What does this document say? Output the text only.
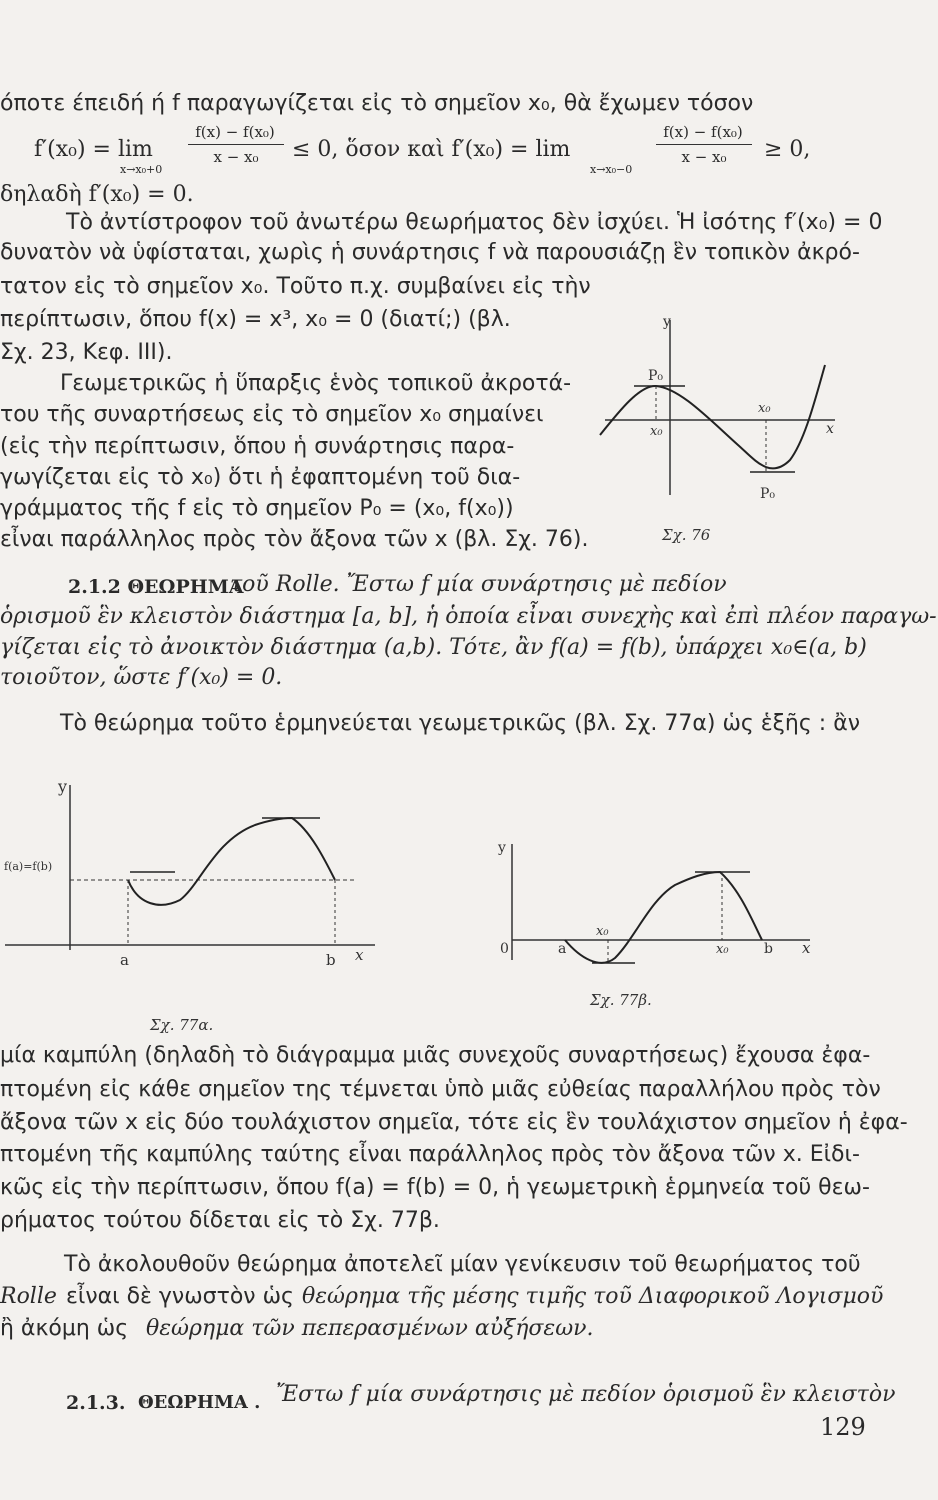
όποτε έπειδή ή f παραγωγίζεται εἰς τὸ σημεῖον x₀, θὰ ἔχωμεν τόσον
f′(x₀) = lim
f(x) − f(x₀)
x − x₀
x→x₀+0
≤ 0, ὅσον καὶ f′(x₀) = lim
f(x) − f(x₀)
x − x₀
x→x₀−0
≥ 0,
δηλαδὴ f′(x₀) = 0.
Τὸ ἀντίστροφον τοῦ ἀνωτέρω θεωρήματος δὲν ἰσχύει. Ἡ ἰσότης f′(x₀) = 0
δυνατὸν νὰ ὑφίσταται, χωρὶς ἡ συνάρτησις f νὰ παρουσιάζῃ ἓν τοπικὸν ἀκρό-
τατον εἰς τὸ σημεῖον x₀. Τοῦτο π.χ. συμβαίνει εἰς τὴν
περίπτωσιν, ὅπου f(x) = x³, x₀ = 0 (διατί;) (βλ.
Σχ. 23, Κεφ. III).
Γεωμετρικῶς ἡ ὕπαρξις ἑνὸς τοπικοῦ ἀκροτά-
του τῆς συναρτήσεως εἰς τὸ σημεῖον x₀ σημαίνει
(εἰς τὴν περίπτωσιν, ὅπου ἡ συνάρτησις παρα-
γωγίζεται εἰς τὸ x₀) ὅτι ἡ ἐφαπτομένη τοῦ δια-
γράμματος τῆς f εἰς τὸ σημεῖον P₀ = (x₀, f(x₀))
εἶναι παράλληλος πρὸς τὸν ἄξονα τῶν x (βλ. Σχ. 76).
y
x
P₀
P₀
x₀
x₀
Σχ. 76
2.1.2 ΘΕΩΡΗΜΑ
τοῦ Rolle. Ἔστω f μία συνάρτησις μὲ πεδίον
ὁρισμοῦ ἓν κλειστὸν διάστημα [a, b], ἡ ὁποία εἶναι συνεχὴς καὶ ἐπὶ πλέον παραγω-
γίζεται εἰς τὸ ἀνοικτὸν διάστημα (a,b). Τότε, ἂν f(a) = f(b), ὑπάρχει x₀∈(a, b)
τοιοῦτον, ὥστε f′(x₀) = 0.
Τὸ θεώρημα τοῦτο ἑρμηνεύεται γεωμετρικῶς (βλ. Σχ. 77α) ὡς ἑξῆς : ἂν
y
x
a	b
f(a)=f(b)
Σχ. 77α.
y
0	x
a	b
x₀
x₀
Σχ. 77β.
μία καμπύλη (δηλαδὴ τὸ διάγραμμα μιᾶς συνεχοῦς συναρτήσεως) ἔχουσα ἐφα-
πτομένη εἰς κάθε σημεῖον της τέμνεται ὑπὸ μιᾶς εὐθείας παραλλήλου πρὸς τὸν
ἄξονα τῶν x εἰς δύο τουλάχιστον σημεῖα, τότε εἰς ἓν τουλάχιστον σημεῖον ἡ ἐφα-
πτομένη τῆς καμπύλης ταύτης εἶναι παράλληλος πρὸς τὸν ἄξονα τῶν x. Εἰδι-
κῶς εἰς τὴν περίπτωσιν, ὅπου f(a) = f(b) = 0, ἡ γεωμετρικὴ ἑρμηνεία τοῦ θεω-
ρήματος τούτου δίδεται εἰς τὸ Σχ. 77β.
Τὸ ἀκολουθοῦν θεώρημα ἀποτελεῖ μίαν γενίκευσιν τοῦ θεωρήματος τοῦ
Rolle εἶναι δὲ γνωστὸν ὡς θεώρημα τῆς μέσης τιμῆς τοῦ Διαφορικοῦ Λογισμοῦ
ἢ ἀκόμη ὡς θεώρημα τῶν πεπερασμένων αὐξήσεων.
2.1.3. ΘΕΩΡΗΜΑ . Ἔστω f μία συνάρτησις μὲ πεδίον ὁρισμοῦ ἓν κλειστὸν
129
